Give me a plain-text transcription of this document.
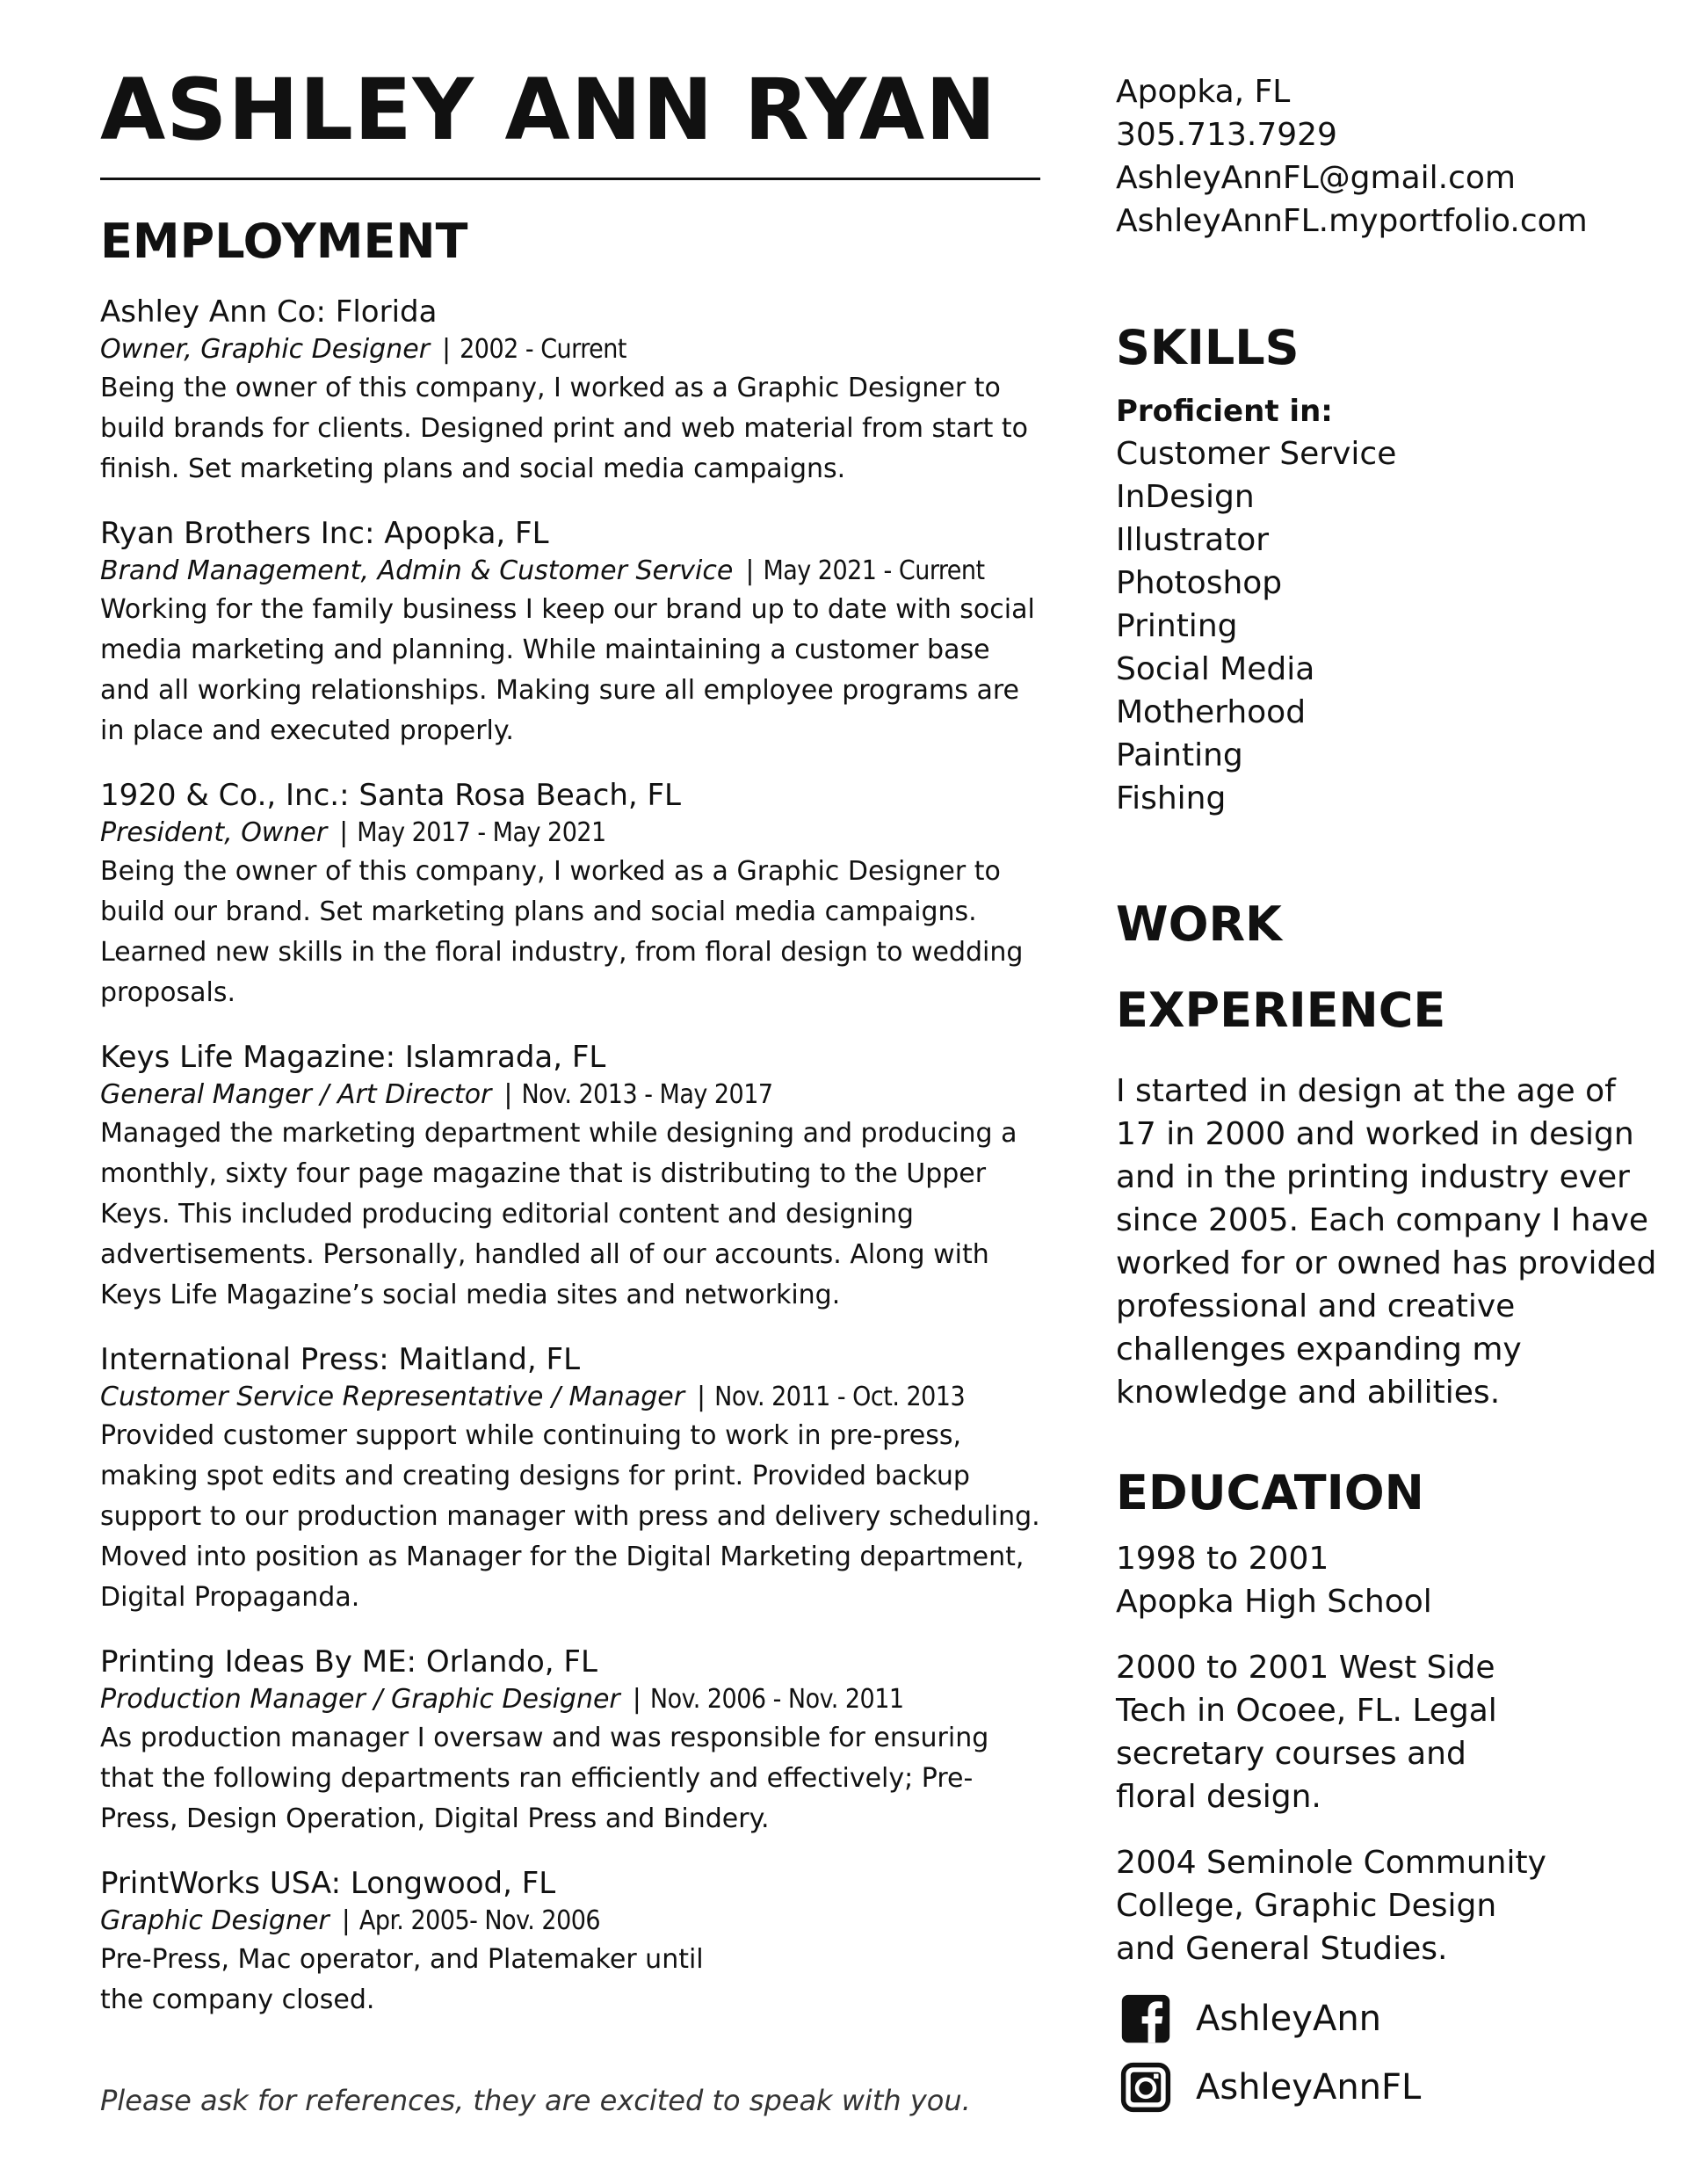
ASHLEY ANN RYAN
EMPLOYMENT
Ashley Ann Co: Florida
Owner, Graphic Designer | 2002 - Current
Being the owner of this company, I worked as a Graphic Designer to build brands for clients. Designed print and web material from start to finish. Set marketing plans and social media campaigns.
Ryan Brothers Inc: Apopka, FL
Brand Management, Admin & Customer Service | May 2021 - Current
Working for the family business I keep our brand up to date with social media marketing and planning. While maintaining a customer base and all working relationships. Making sure all employee programs are in place and executed properly.
1920 & Co., Inc.: Santa Rosa Beach, FL
President, Owner | May 2017 - May 2021
Being the owner of this company, I worked as a Graphic Designer to build our brand. Set marketing plans and social media campaigns. Learned new skills in the floral industry, from floral design to wedding proposals.
Keys Life Magazine: Islamrada, FL
General Manger / Art Director | Nov. 2013 - May 2017
Managed the marketing department while designing and producing a monthly, sixty four page magazine that is distributing to the Upper Keys. This included producing editorial content and designing advertisements. Personally, handled all of our accounts. Along with Keys Life Magazine’s social media sites and networking.
International Press: Maitland, FL
Customer Service Representative / Manager | Nov. 2011 - Oct. 2013
Provided customer support while continuing to work in pre-press, making spot edits and creating designs for print. Provided backup support to our production manager with press and delivery scheduling. Moved into position as Manager for the Digital Marketing department, Digital Propaganda.
Printing Ideas By ME: Orlando, FL
Production Manager / Graphic Designer | Nov. 2006 - Nov. 2011
As production manager I oversaw and was responsible for ensuring that the following departments ran efficiently and effectively; Pre-Press, Design Operation, Digital Press and Bindery.
PrintWorks USA: Longwood, FL
Graphic Designer | Apr. 2005- Nov. 2006
Pre-Press, Mac operator, and Platemaker until the company closed.
Please ask for references, they are excited to speak with you.
Apopka, FL
305.713.7929
AshleyAnnFL@gmail.com
AshleyAnnFL.myportfolio.com
SKILLS
Proficient in:
Customer Service
InDesign
Illustrator
Photoshop
Printing
Social Media
Motherhood
Painting
Fishing
WORK
EXPERIENCE
I started in design at the age of 17 in 2000 and worked in design and in the printing industry ever since 2005. Each company I have worked for or owned has provided professional and creative challenges expanding my knowledge and abilities.
EDUCATION
1998 to 2001 Apopka High School
2000 to 2001 West Side Tech in Ocoee, FL. Legal secretary courses and floral design.
2004 Seminole Community College, Graphic Design and General Studies.
AshleyAnn
AshleyAnnFL
